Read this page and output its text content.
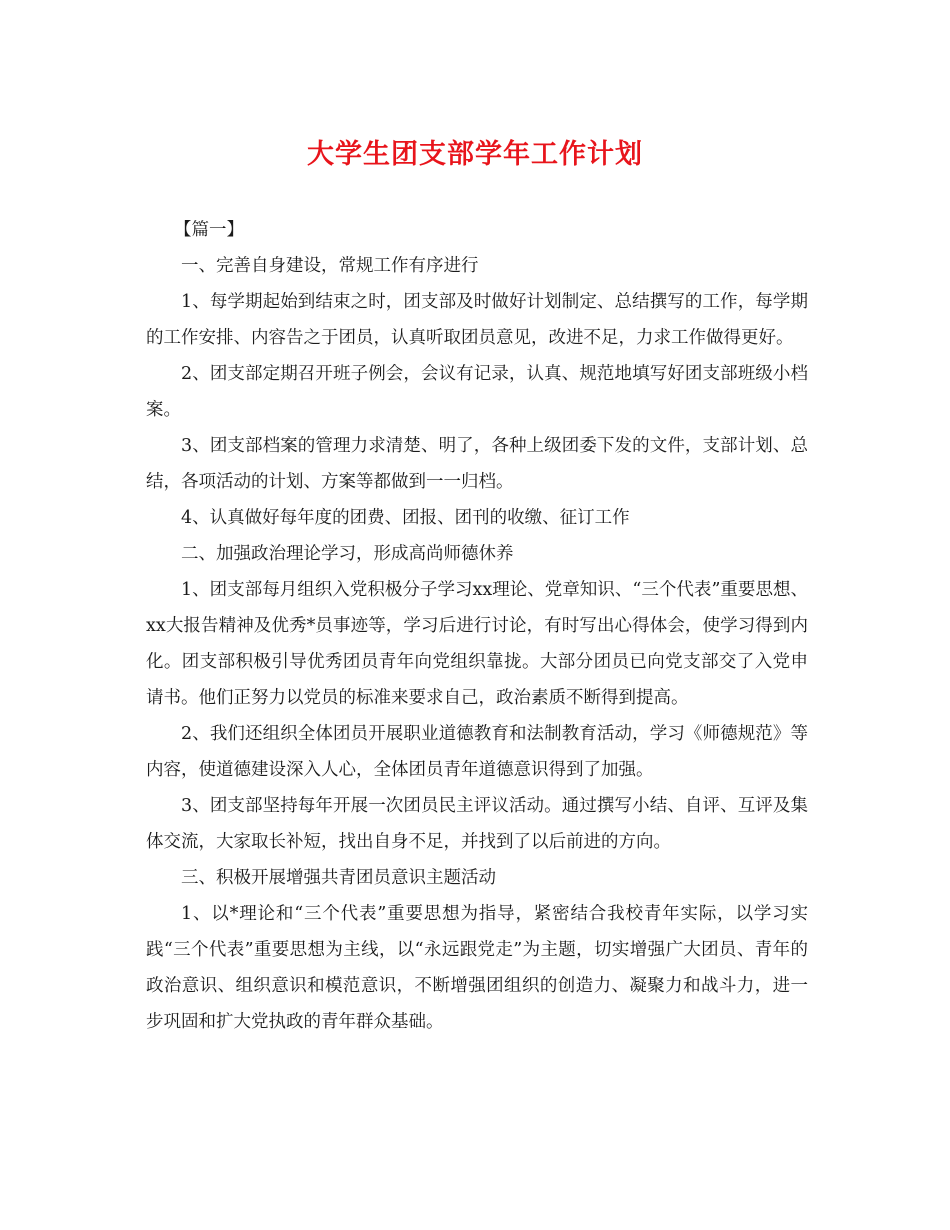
大学生团支部学年工作计划

【篇一】

一、完善自身建设，常规工作有序进行

1、每学期起始到结束之时，团支部及时做好计划制定、总结撰写的工作，每学期的工作安排、内容告之于团员，认真听取团员意见，改进不足，力求工作做得更好。

2、团支部定期召开班子例会，会议有记录，认真、规范地填写好团支部班级小档案。

3、团支部档案的管理力求清楚、明了，各种上级团委下发的文件，支部计划、总结，各项活动的计划、方案等都做到一一归档。

4、认真做好每年度的团费、团报、团刊的收缴、征订工作

二、加强政治理论学习，形成高尚师德休养

1、团支部每月组织入党积极分子学习xx理论、党章知识、“三个代表”重要思想、xx大报告精神及优秀*员事迹等，学习后进行讨论，有时写出心得体会，使学习得到内化。团支部积极引导优秀团员青年向党组织靠拢。大部分团员已向党支部交了入党申请书。他们正努力以党员的标准来要求自己，政治素质不断得到提高。

2、我们还组织全体团员开展职业道德教育和法制教育活动，学习《师德规范》等内容，使道德建设深入人心，全体团员青年道德意识得到了加强。

3、团支部坚持每年开展一次团员民主评议活动。通过撰写小结、自评、互评及集体交流，大家取长补短，找出自身不足，并找到了以后前进的方向。

三、积极开展增强共青团员意识主题活动

1、以*理论和“三个代表”重要思想为指导，紧密结合我校青年实际，以学习实践“三个代表”重要思想为主线，以“永远跟党走”为主题，切实增强广大团员、青年的政治意识、组织意识和模范意识，不断增强团组织的创造力、凝聚力和战斗力，进一步巩固和扩大党执政的青年群众基础。
